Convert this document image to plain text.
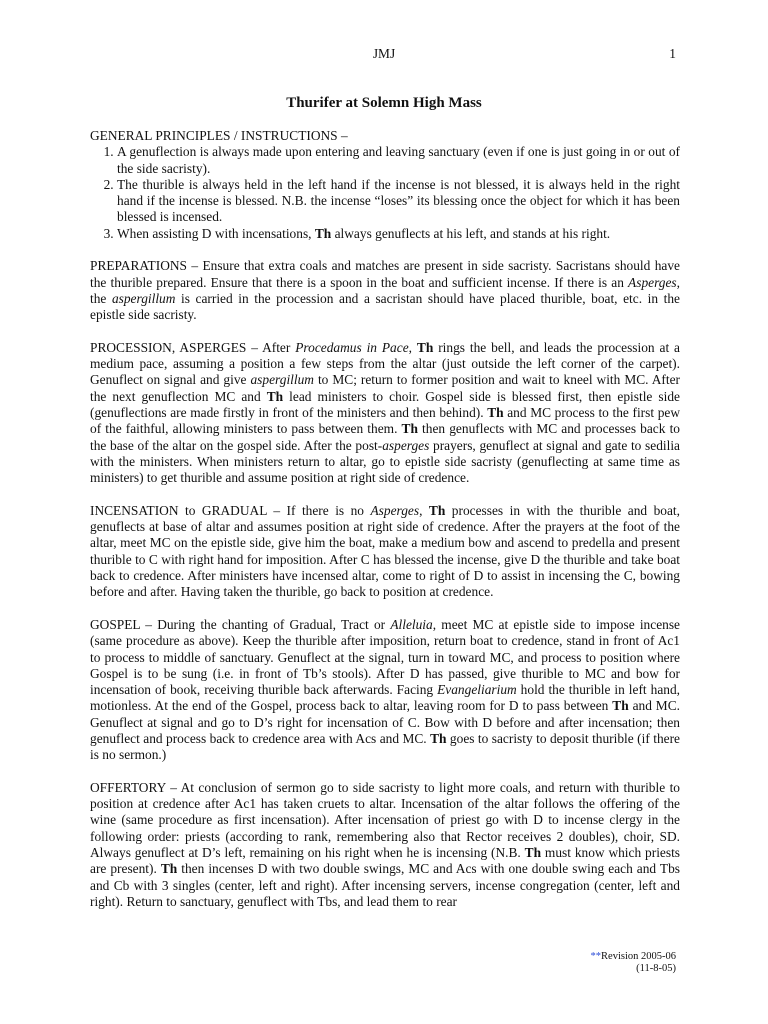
JMJ	1
Thurifer at Solemn High Mass

GENERAL PRINCIPLES / INSTRUCTIONS –

1. A genuflection is always made upon entering and leaving sanctuary (even if one is just going in or out of the side sacristy).
2. The thurible is always held in the left hand if the incense is not blessed, it is always held in the right hand if the incense is blessed. N.B. the incense “loses” its blessing once the object for which it has been blessed is incensed.
3. When assisting D with incensations, Th always genuflects at his left, and stands at his right.

PREPARATIONS – Ensure that extra coals and matches are present in side sacristy. Sacristans should have the thurible prepared. Ensure that there is a spoon in the boat and sufficient incense. If there is an Asperges, the aspergillum is carried in the procession and a sacristan should have placed thurible, boat, etc. in the epistle side sacristy.

PROCESSION, ASPERGES – After Procedamus in Pace, Th rings the bell, and leads the procession at a medium pace, assuming a position a few steps from the altar (just outside the left corner of the carpet). Genuflect on signal and give aspergillum to MC; return to former position and wait to kneel with MC. After the next genuflection MC and Th lead ministers to choir. Gospel side is blessed first, then epistle side (genuflections are made firstly in front of the ministers and then behind). Th and MC process to the first pew of the faithful, allowing ministers to pass between them. Th then genuflects with MC and processes back to the base of the altar on the gospel side. After the post-asperges prayers, genuflect at signal and gate to sedilia with the ministers. When ministers return to altar, go to epistle side sacristy (genuflecting at same time as ministers) to get thurible and assume position at right side of credence.

INCENSATION to GRADUAL – If there is no Asperges, Th processes in with the thurible and boat, genuflects at base of altar and assumes position at right side of credence. After the prayers at the foot of the altar, meet MC on the epistle side, give him the boat, make a medium bow and ascend to predella and present thurible to C with right hand for imposition. After C has blessed the incense, give D the thurible and take boat back to credence. After ministers have incensed altar, come to right of D to assist in incensing the C, bowing before and after. Having taken the thurible, go back to position at credence.

GOSPEL – During the chanting of Gradual, Tract or Alleluia, meet MC at epistle side to impose incense (same procedure as above). Keep the thurible after imposition, return boat to credence, stand in front of Ac1 to process to middle of sanctuary. Genuflect at the signal, turn in toward MC, and process to position where Gospel is to be sung (i.e. in front of Tb’s stools). After D has passed, give thurible to MC and bow for incensation of book, receiving thurible back afterwards. Facing Evangeliarium hold the thurible in left hand, motionless. At the end of the Gospel, process back to altar, leaving room for D to pass between Th and MC. Genuflect at signal and go to D’s right for incensation of C. Bow with D before and after incensation; then genuflect and process back to credence area with Acs and MC. Th goes to sacristy to deposit thurible (if there is no sermon.)

OFFERTORY – At conclusion of sermon go to side sacristy to light more coals, and return with thurible to position at credence after Ac1 has taken cruets to altar. Incensation of the altar follows the offering of the wine (same procedure as first incensation). After incensation of priest go with D to incense clergy in the following order: priests (according to rank, remembering also that Rector receives 2 doubles), choir, SD. Always genuflect at D’s left, remaining on his right when he is incensing (N.B. Th must know which priests are present). Th then incenses D with two double swings, MC and Acs with one double swing each and Tbs and Cb with 3 singles (center, left and right). After incensing servers, incense congregation (center, left and right). Return to sanctuary, genuflect with Tbs, and lead them to rear

**Revision 2005-06
(11-8-05)
